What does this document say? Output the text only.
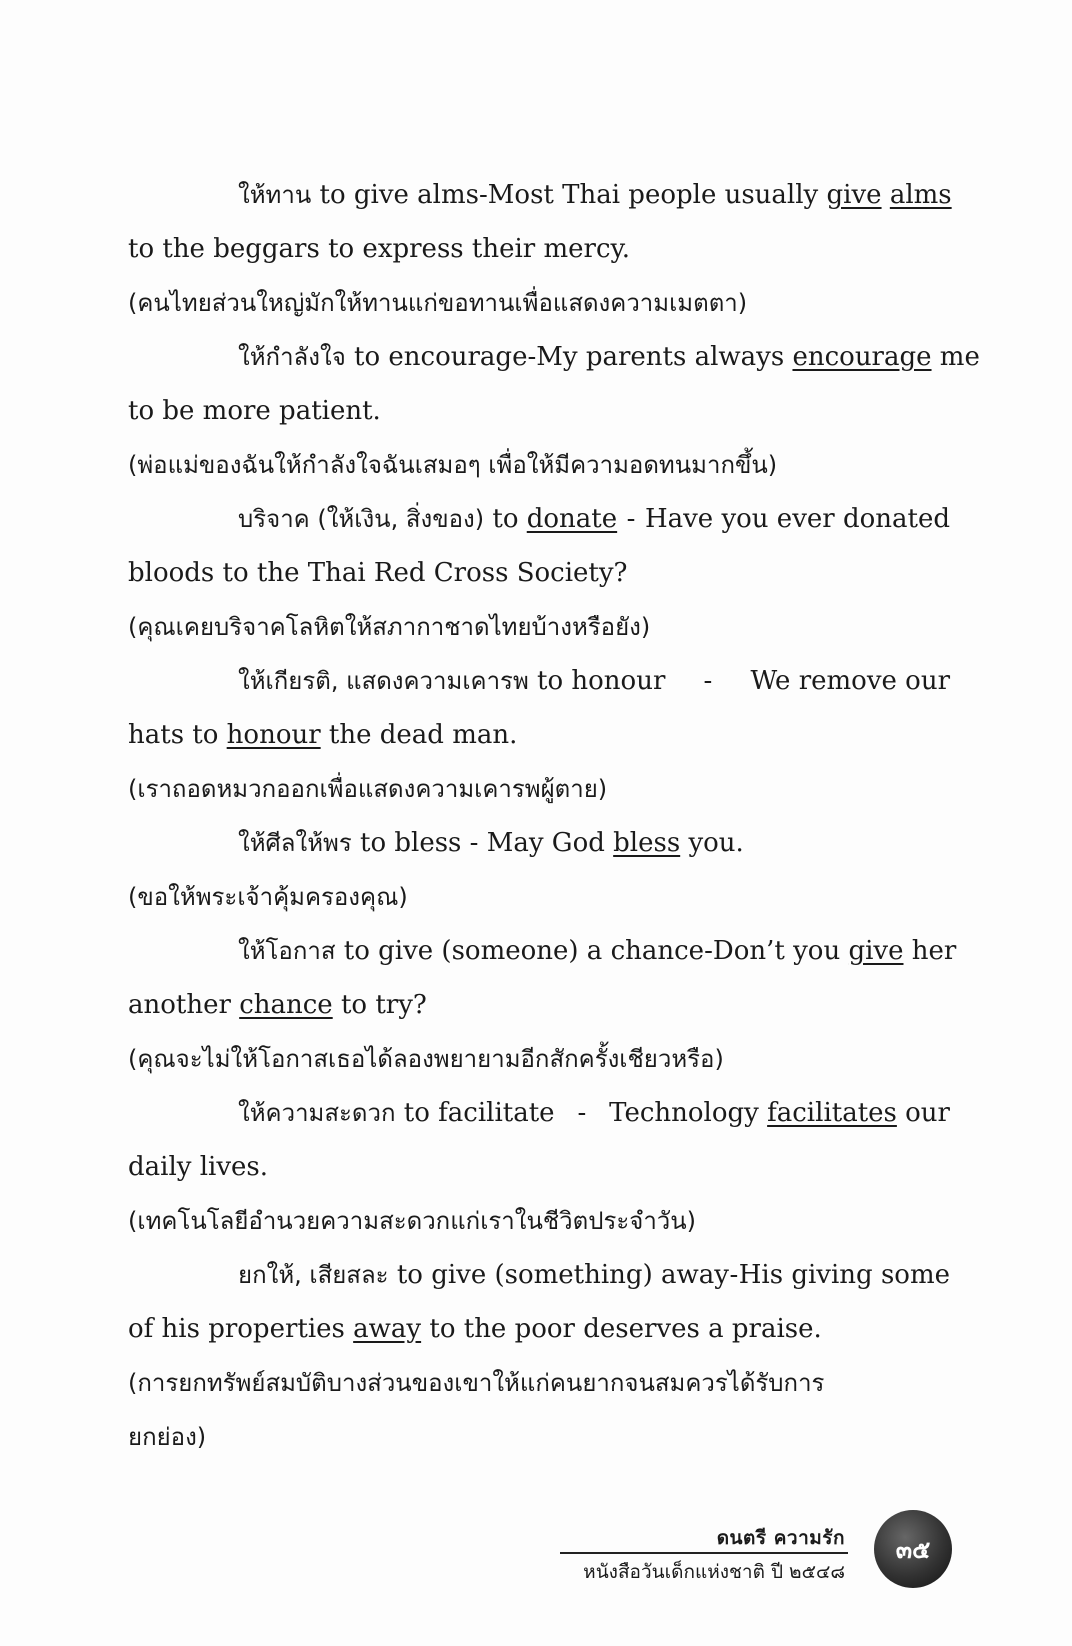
ให้ทาน to give alms - Most Thai people usually give alms
to the beggars to express their mercy.
(คนไทยส่วนใหญ่มักให้ทานแก่ขอทานเพื่อแสดงความเมตตา)
ให้กำลังใจ to encourage - My parents always encourage me
to be more patient.
(พ่อแม่ของฉันให้กำลังใจฉันเสมอๆ เพื่อให้มีความอดทนมากขึ้น)
บริจาค (ให้เงิน, สิ่งของ) to donate - Have you ever donated
bloods to the Thai Red Cross Society?
(คุณเคยบริจาคโลหิตให้สภากาชาดไทยบ้างหรือยัง)
ให้เกียรติ, แสดงความเคารพ to honour - We remove our
hats to honour the dead man.
(เราถอดหมวกออกเพื่อแสดงความเคารพผู้ตาย)
ให้ศีลให้พร to bless - May God bless you.
(ขอให้พระเจ้าคุ้มครองคุณ)
ให้โอกาส to give (someone) a chance - Don’t you give her
another chance to try?
(คุณจะไม่ให้โอกาสเธอได้ลองพยายามอีกสักครั้งเชียวหรือ)
ให้ความสะดวก to facilitate - Technology facilitates our
daily lives.
(เทคโนโลยีอำนวยความสะดวกแก่เราในชีวิตประจำวัน)
ยกให้, เสียสละ to give (something) away - His giving some
of his properties away to the poor deserves a praise.
(การยกทรัพย์สมบัติบางส่วนของเขาให้แก่คนยากจนสมควรได้รับการ
ยกย่อง)
ดนตรี ความรัก
หนังสือวันเด็กแห่งชาติ ปี ๒๕๔๘
๓๕
